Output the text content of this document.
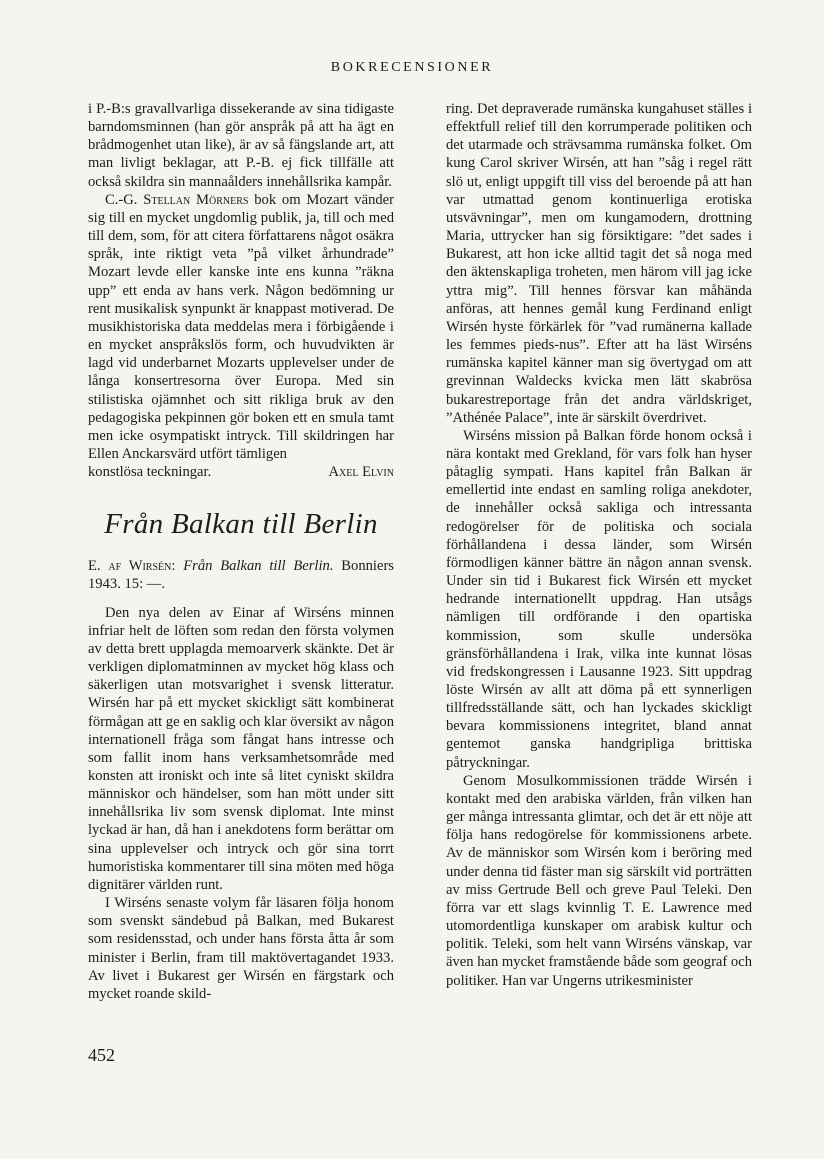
BOKRECENSIONER

i P.-B:s gravallvarliga dissekerande av sina tidigaste barndomsminnen (han gör anspråk på att ha ägt en brådmogenhet utan like), är av så fängslande art, att man livligt beklagar, att P.-B. ej fick tillfälle att också skildra sin mannaålders innehållsrika kampår.

C.-G. Stellan Mörners bok om Mozart vänder sig till en mycket ungdomlig publik, ja, till och med till dem, som, för att citera författarens något osäkra språk, inte riktigt veta ”på vilket århundrade” Mozart levde eller kanske inte ens kunna ”räkna upp” ett enda av hans verk. Någon bedömning ur rent musikalisk synpunkt är knappast motiverad. De musikhistoriska data meddelas mera i förbigående i en mycket anspråkslös form, och huvudvikten är lagd vid underbarnet Mozarts upplevelser under de långa konsertresorna över Europa. Med sin stilistiska ojämnhet och sitt rikliga bruk av den pedagogiska pekpinnen gör boken ett en smula tamt men icke osympatiskt intryck. Till skildringen har Ellen Anckarsvärd utfört tämligen

konstlösa teckningar.	Axel Elvin
Från Balkan till Berlin

E. af Wirsén: Från Balkan till Berlin. Bonniers 1943. 15: —.

Den nya delen av Einar af Wirséns minnen infriar helt de löften som redan den första volymen av detta brett upplagda memoarverk skänkte. Det är verkligen diplomatminnen av mycket hög klass och säkerligen utan motsvarighet i svensk litteratur. Wirsén har på ett mycket skickligt sätt kombinerat förmågan att ge en saklig och klar översikt av någon internationell fråga som fångat hans intresse och som fallit inom hans verksamhetsområde med konsten att ironiskt och inte så litet cyniskt skildra människor och händelser, som han mött under sitt innehållsrika liv som svensk diplomat. Inte minst lyckad är han, då han i anekdotens form berättar om sina upplevelser och intryck och gör sina torrt humoristiska kommentarer till sina möten med höga dignitärer världen runt.

I Wirséns senaste volym får läsaren följa honom som svenskt sändebud på Balkan, med Bukarest som residensstad, och under hans första åtta år som minister i Berlin, fram till maktövertagandet 1933. Av livet i Bukarest ger Wirsén en färgstark och mycket roande skild-

ring. Det depraverade rumänska kungahuset ställes i effektfull relief till den korrumperade politiken och det utarmade och strävsamma rumänska folket. Om kung Carol skriver Wirsén, att han ”såg i regel rätt slö ut, enligt uppgift till viss del beroende på att han var utmattad genom kontinuerliga erotiska utsvävningar”, men om kungamodern, drottning Maria, uttrycker han sig försiktigare: ”det sades i Bukarest, att hon icke alltid tagit det så noga med den äktenskapliga troheten, men härom vill jag icke yttra mig”. Till hennes försvar kan måhända anföras, att hennes gemål kung Ferdinand enligt Wirsén hyste förkärlek för ”vad rumänerna kallade les femmes pieds-nus”. Efter att ha läst Wirséns rumänska kapitel känner man sig övertygad om att grevinnan Waldecks kvicka men lätt skabrösa bukarestreportage från det andra världskriget, ”Athénée Palace”, inte är särskilt överdrivet.

Wirséns mission på Balkan förde honom också i nära kontakt med Grekland, för vars folk han hyser påtaglig sympati. Hans kapitel från Balkan är emellertid inte endast en samling roliga anekdoter, de innehåller också sakliga och intressanta redogörelser för de politiska och sociala förhållandena i dessa länder, som Wirsén förmodligen känner bättre än någon annan svensk. Under sin tid i Bukarest fick Wirsén ett mycket hedrande internationellt uppdrag. Han utsågs nämligen till ordförande i den opartiska kommission, som skulle undersöka gränsförhållandena i Irak, vilka inte kunnat lösas vid fredskongressen i Lausanne 1923. Sitt uppdrag löste Wirsén av allt att döma på ett synnerligen tillfredsställande sätt, och han lyckades skickligt bevara kommissionens integritet, bland annat gentemot ganska handgripliga brittiska påtryckningar.

Genom Mosulkommissionen trädde Wirsén i kontakt med den arabiska världen, från vilken han ger många intressanta glimtar, och det är ett nöje att följa hans redogörelse för kommissionens arbete. Av de människor som Wirsén kom i beröring med under denna tid fäster man sig särskilt vid porträtten av miss Gertrude Bell och greve Paul Teleki. Den förra var ett slags kvinnlig T. E. Lawrence med utomordentliga kunskaper om arabisk kultur och politik. Teleki, som helt vann Wirséns vänskap, var även han mycket framstående både som geograf och politiker. Han var Ungerns utrikesminister

452
